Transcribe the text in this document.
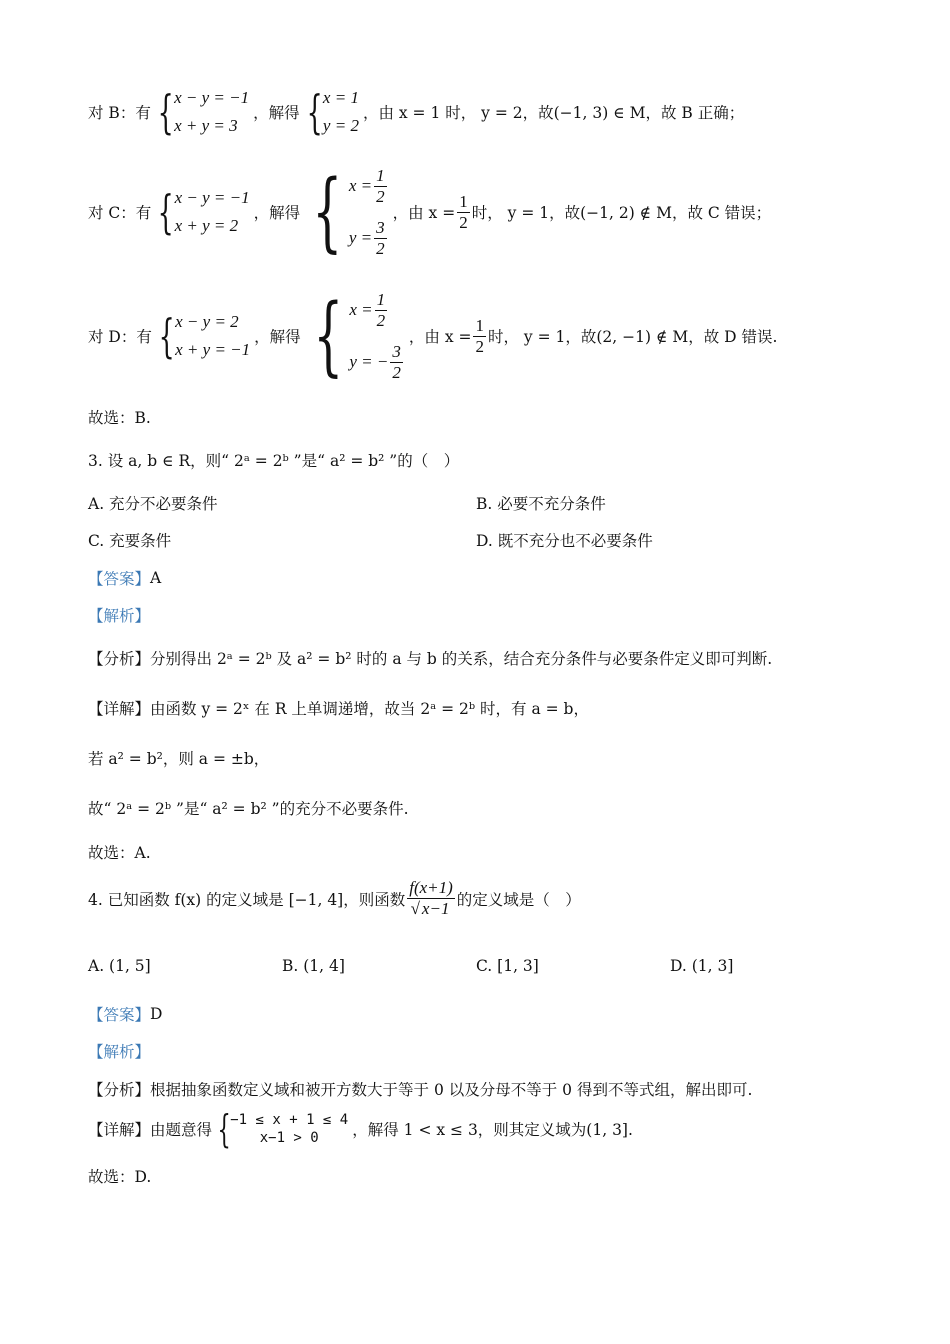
对 B：有 { x − y = −1
x + y = 3
，解得 { x = 1
y = 2
，由 x = 1 时， y = 2，故(−1, 3) ∈ M，故 B 正确；
对 C：有 { x − y = −1
x + y = 2
，解得 { $x = \frac{1}{2}$
$y = \frac{3}{2}$
，由 $x = \frac{1}{2}$ 时， y = 1，故(−1, 2) ∉ M，故 C 错误；
对 D：有 { x − y = 2
x + y = −1
，解得 { $x = \frac{1}{2}$
y = − $\frac{3}{2}$
，由 $x = \frac{1}{2}$ 时， y = 1，故(2, −1) ∉ M，故 D 错误.
故选：B.
3. 设 a, b ∈ R，则“ 2ᵃ = 2ᵇ ”是“ a² = b² ”的（　）
A. 充分不必要条件	B. 必要不充分条件
C. 充要条件	D. 既不充分也不必要条件
【答案】 A
【解析】
【分析】 分别得出 2ᵃ = 2ᵇ 及 a² = b² 时的 a 与 b 的关系，结合充分条件与必要条件定义即可判断.
【详解】 由函数 y = 2ˣ 在 R 上单调递增，故当 2ᵃ = 2ᵇ 时，有 a = b，
若 a² = b²，则 a = ±b，
故“ 2ᵃ = 2ᵇ ”是“ a² = b² ”的充分不必要条件.
故选：A.
4. 已知函数 f(x) 的定义域是 [−1, 4]，则函数 $\frac{f(x+1)}{√ x-1}$ 的定义域是（　）
A. (1, 5]	B. (1, 4]	C. [1, 3]	D. (1, 3]
【答案】 D
【解析】
【分析】 根据抽象函数定义域和被开方数大于等于 0 以及分母不等于 0 得到不等式组，解出即可.
【详解】 由题意得 { −1 ≤ x + 1 ≤ 4
x−1 > 0	，解得 1 < x ≤ 3，则其定义域为(1, 3].
故选：D.
